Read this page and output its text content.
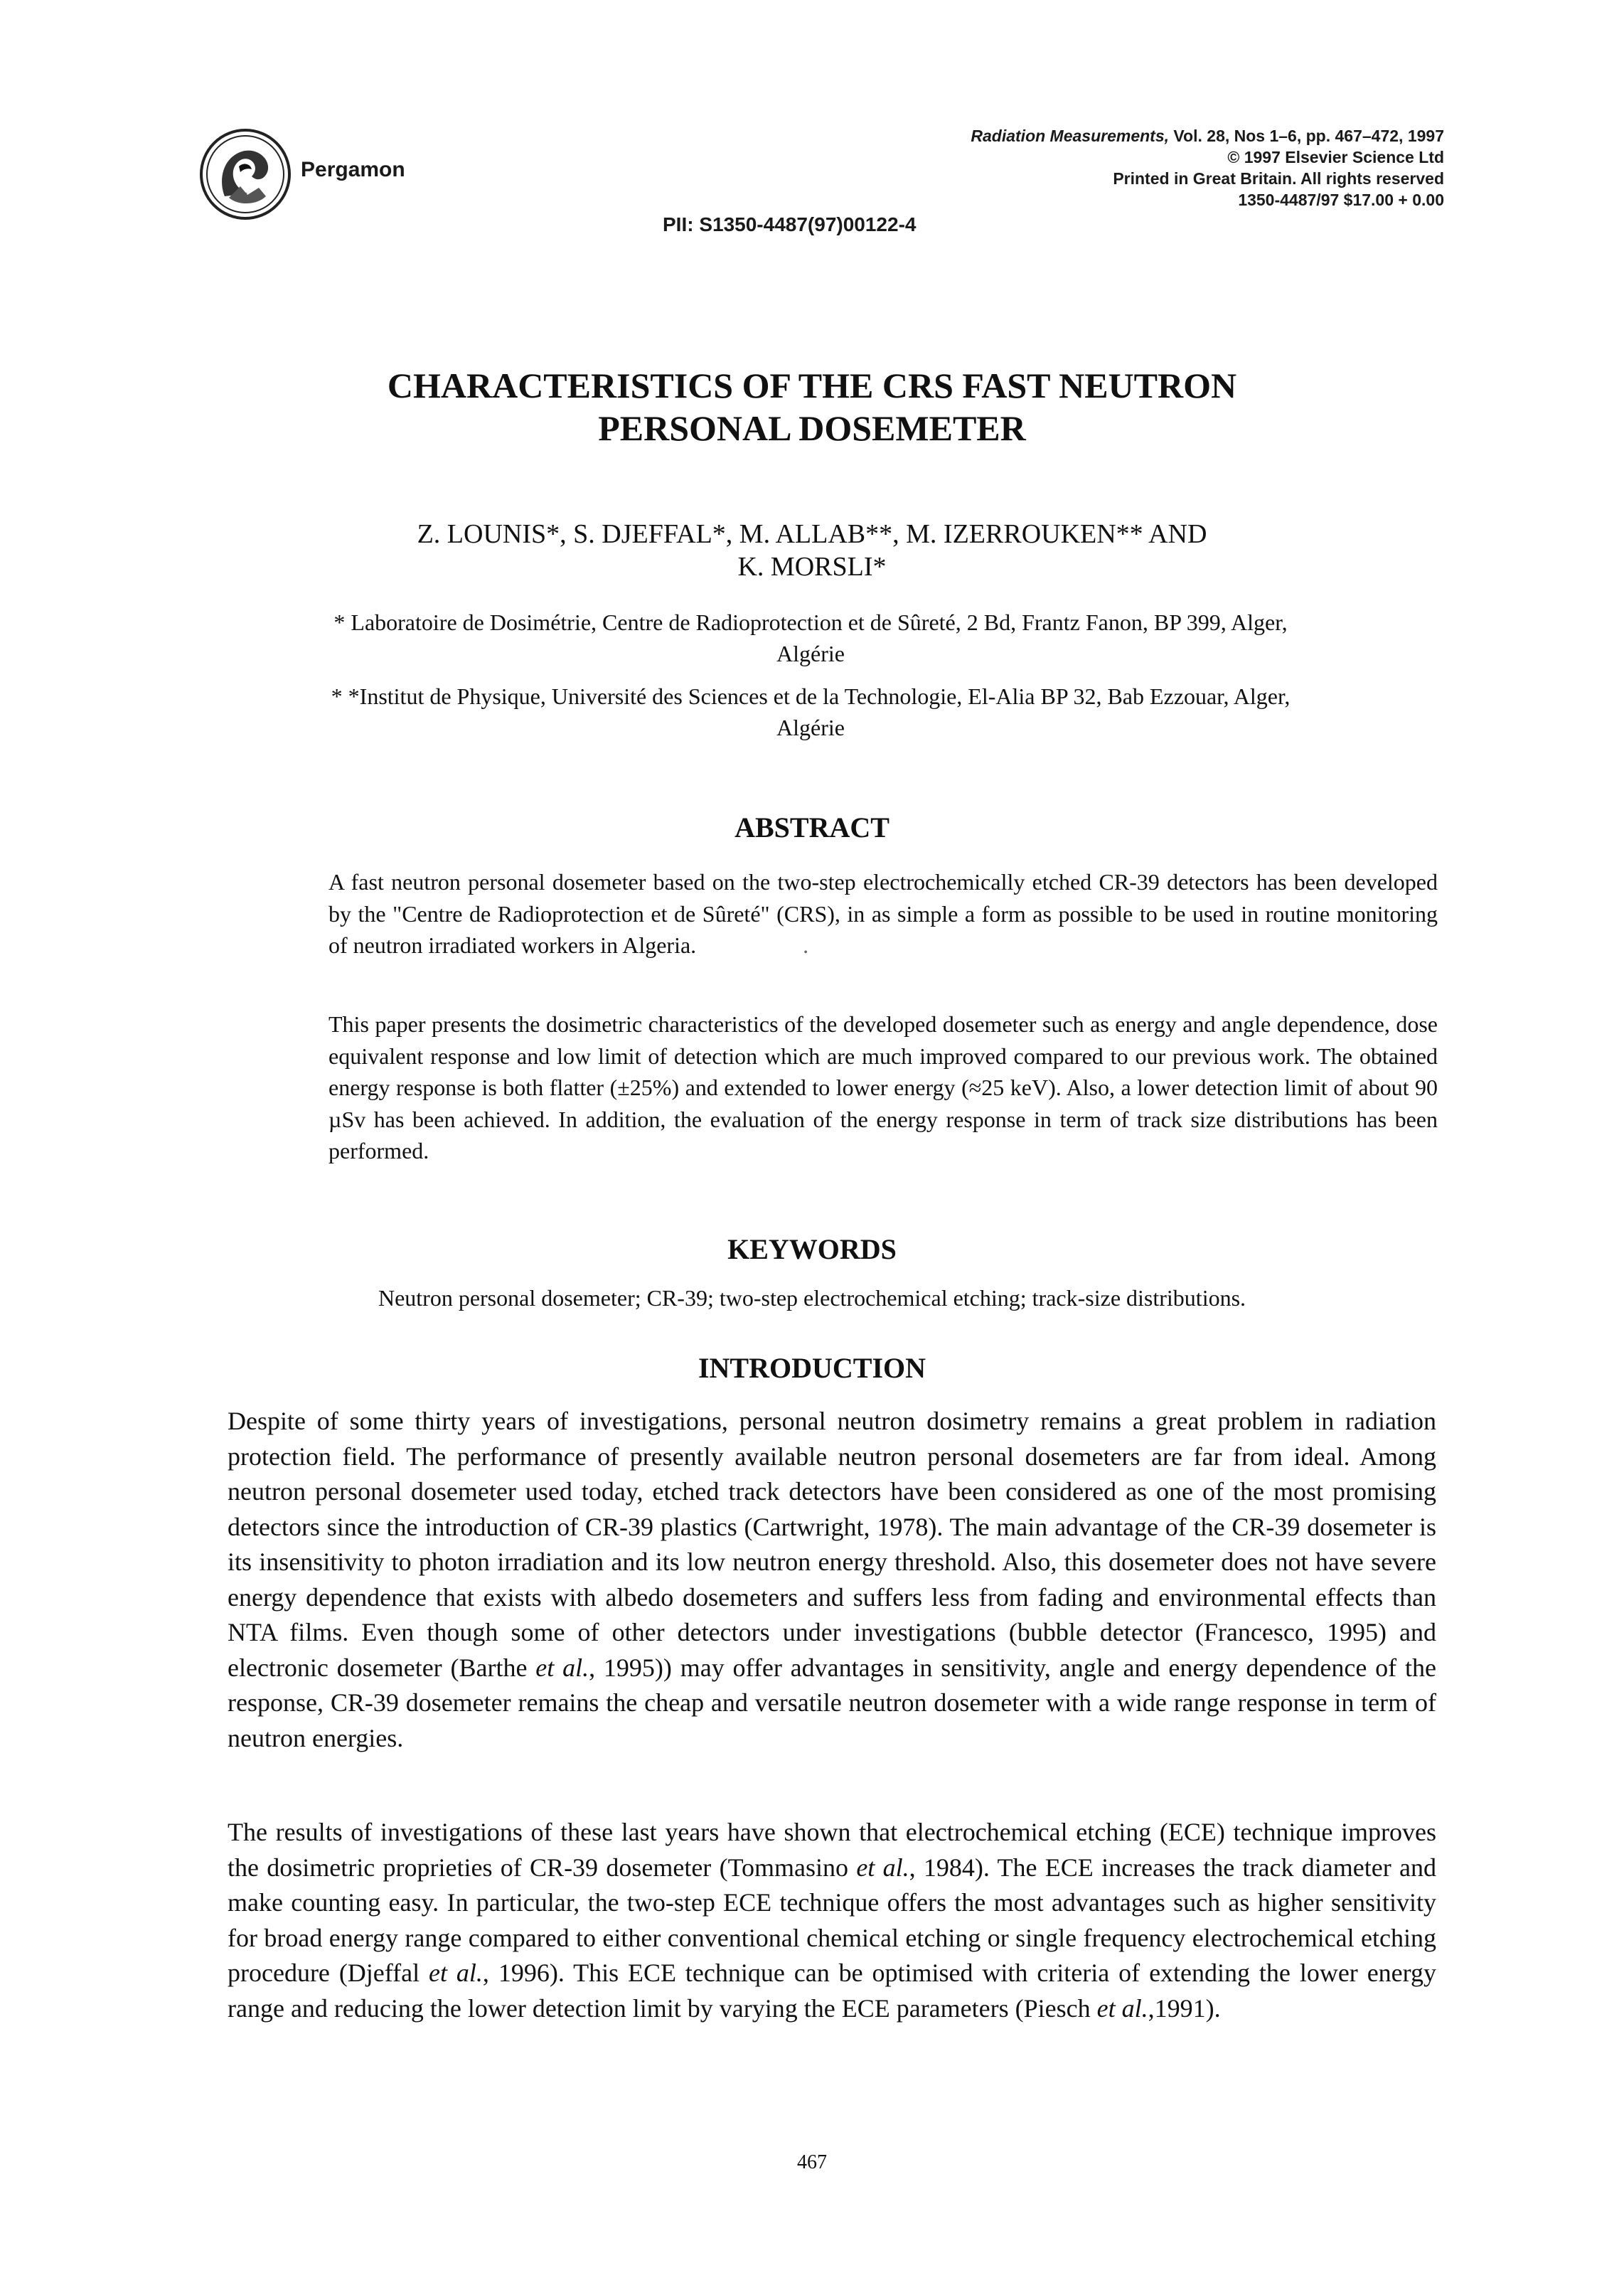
Pergamon
PII: S1350-4487(97)00122-4
Radiation Measurements, Vol. 28, Nos 1–6, pp. 467–472, 1997
© 1997 Elsevier Science Ltd
Printed in Great Britain. All rights reserved
1350-4487/97 $17.00 + 0.00
CHARACTERISTICS OF THE CRS FAST NEUTRON
PERSONAL DOSEMETER
Z. LOUNIS*, S. DJEFFAL*, M. ALLAB**, M. IZERROUKEN** AND
K. MORSLI*
* Laboratoire de Dosimétrie, Centre de Radioprotection et de Sûreté, 2 Bd, Frantz Fanon, BP 399, Alger, Algérie
* *Institut de Physique, Université des Sciences et de la Technologie, El-Alia BP 32, Bab Ezzouar, Alger, Algérie
ABSTRACT
A fast neutron personal dosemeter based on the two-step electrochemically etched CR-39 detectors has been developed by the "Centre de Radioprotection et de Sûreté" (CRS), in as simple a form as possible to be used in routine monitoring of neutron irradiated workers in Algeria.	.
This paper presents the dosimetric characteristics of the developed dosemeter such as energy and angle dependence, dose equivalent response and low limit of detection which are much improved compared to our previous work. The obtained energy response is both flatter (±25%) and extended to lower energy (≈25 keV). Also, a lower detection limit of about 90 µSv has been achieved. In addition, the evaluation of the energy response in term of track size distributions has been performed.
KEYWORDS
Neutron personal dosemeter; CR-39; two-step electrochemical etching; track-size distributions.
INTRODUCTION
Despite of some thirty years of investigations, personal neutron dosimetry remains a great problem in radiation protection field. The performance of presently available neutron personal dosemeters are far from ideal. Among neutron personal dosemeter used today, etched track detectors have been considered as one of the most promising detectors since the introduction of CR-39 plastics (Cartwright, 1978). The main advantage of the CR-39 dosemeter is its insensitivity to photon irradiation and its low neutron energy threshold. Also, this dosemeter does not have severe energy dependence that exists with albedo dosemeters and suffers less from fading and environmental effects than NTA films. Even though some of other detectors under investigations (bubble detector (Francesco, 1995) and electronic dosemeter (Barthe et al., 1995)) may offer advantages in sensitivity, angle and energy dependence of the response, CR-39 dosemeter remains the cheap and versatile neutron dosemeter with a wide range response in term of neutron energies.
The results of investigations of these last years have shown that electrochemical etching (ECE) technique improves the dosimetric proprieties of CR-39 dosemeter (Tommasino et al., 1984). The ECE increases the track diameter and make counting easy. In particular, the two-step ECE technique offers the most advantages such as higher sensitivity for broad energy range compared to either conventional chemical etching or single frequency electrochemical etching procedure (Djeffal et al., 1996). This ECE technique can be optimised with criteria of extending the lower energy range and reducing the lower detection limit by varying the ECE parameters (Piesch et al.,1991).
467
